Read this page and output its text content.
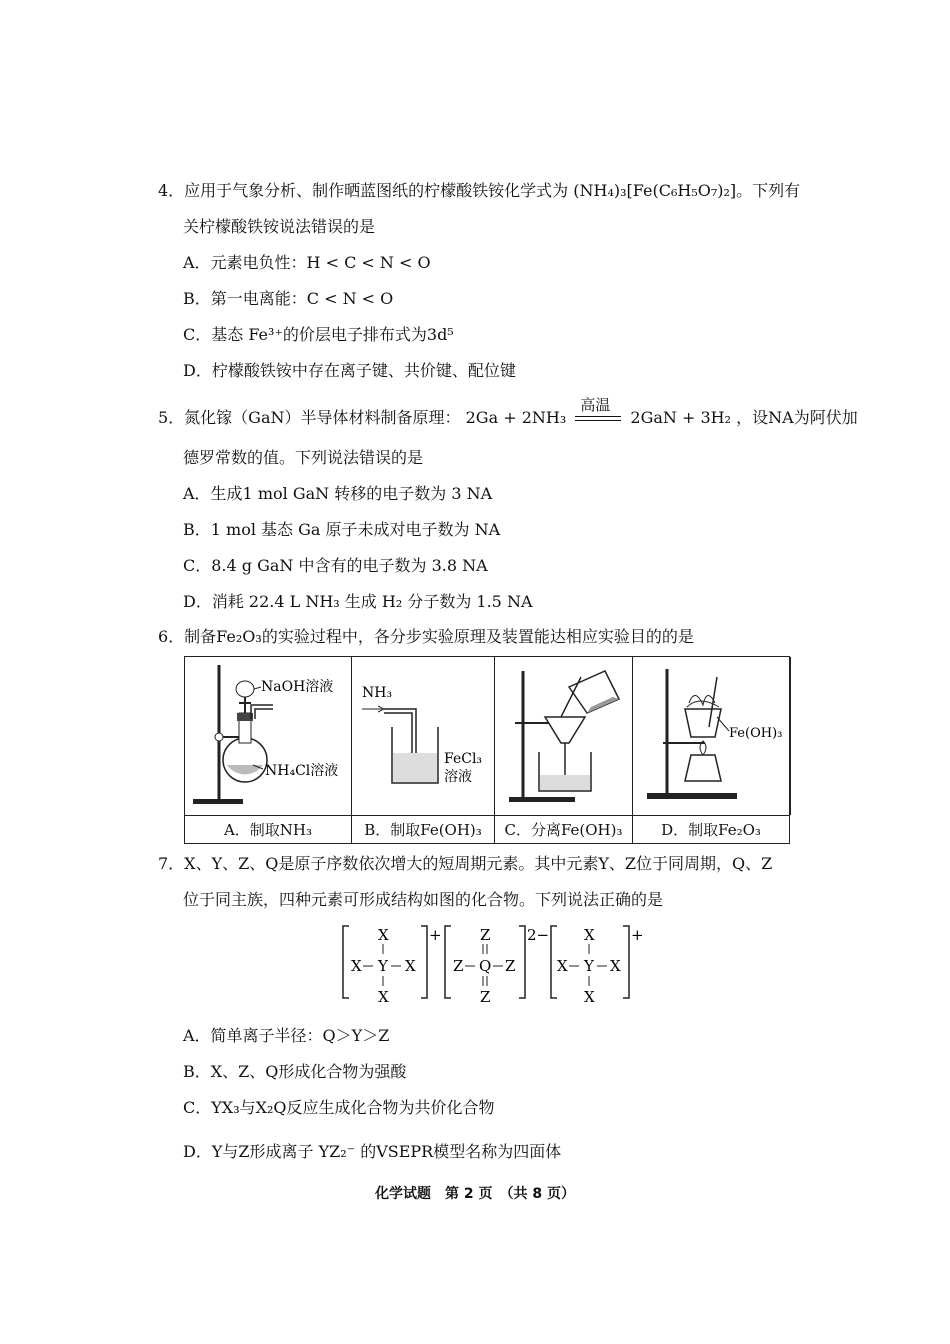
4．应用于气象分析、制作晒蓝图纸的柠檬酸铁铵化学式为 (NH₄)₃[Fe(C₆H₅O₇)₂]。下列有
关柠檬酸铁铵说法错误的是
A．元素电负性：H < C < N < O
B．第一电离能：C < N < O
C．基态 Fe³⁺的价层电子排布式为3d⁵
D．柠檬酸铁铵中存在离子键、共价键、配位键
5．氮化镓（GaN）半导体材料制备原理： 2Ga + 2NH₃
高温
2GaN + 3H₂ ，设NA为阿伏加
德罗常数的值。下列说法错误的是
A．生成1 mol GaN 转移的电子数为 3 NA
B．1 mol 基态 Ga 原子未成对电子数为 NA
C．8.4 g GaN 中含有的电子数为 3.8 NA
D．消耗 22.4 L NH₃ 生成 H₂ 分子数为 1.5 NA
6．制备Fe₂O₃的实验过程中，各分步实验原理及装置能达相应实验目的的是
NaOH溶液
NH₄Cl溶液
NH₃
FeCl₃
溶液
Fe(OH)₃
A．制取NH₃	B．制取Fe(OH)₃	C．分离Fe(OH)₃	D．制取Fe₂O₃
7．X、Y、Z、Q是原子序数依次增大的短周期元素。其中元素Y、Z位于同周期，Q、Z
位于同主族，四种元素可形成结构如图的化合物。下列说法正确的是
+
X
X Y X
X
2−
Z
Z Q Z
Z
+
X
X Y X
X
A．简单离子半径：Q＞Y＞Z
B．X、Z、Q形成化合物为强酸
C．YX₃与X₂Q反应生成化合物为共价化合物
D．Y与Z形成离子 YZ₂⁻ 的VSEPR模型名称为四面体
化学试题　第 2 页　（共 8 页）
